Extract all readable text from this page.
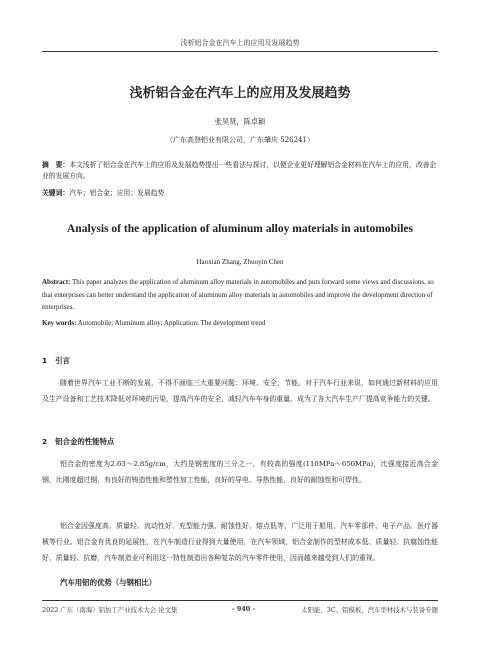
浅析铝合金在汽车上的应用及发展趋势
浅析铝合金在汽车上的应用及发展趋势
张昊贤，陈卓颖
（广东高登铝业有限公司，广东肇庆 526241）
摘　要：本文浅析了铝合金在汽车上的应用及发展趋势提出一些看法与探讨，以便企业更好理解铝合金材料在汽车上的应用，改善企业的发展方向。
关键词：汽车；铝合金；应用；发展趋势
Analysis of the application of aluminum alloy materials in automobiles
Haoxian Zhang, Zhuoyin Chen
Abstract: This paper analyzes the application of aluminum alloy materials in automobiles and puts forward some views and discussions, so that enterprises can better understand the application of aluminum alloy materials in automobiles and improve the development direction of enterprises.
Key words: Automobile; Aluminum alloy; Application; The development trend
1 引言
随着世界汽车工业不断的发展，不得不面临三大重要问题：环境、安全、节能。对于汽车行业来说，如何通过新材料的应用及生产设备和工艺技术降低对环境的污染，提高汽车的安全，减轻汽车车身的重量。成为了各大汽车生产厂提高竞争能力的关键。
2 铝合金的性能特点
铝合金的密度为2.63～2.85g/cm，大约是钢密度的三分之一，有较高的强度(110MPa～650MPa)，比强度接近高合金钢，比刚度超过钢，有良好的铸造性能和塑性加工性能，良好的导电、导热性能，良好的耐蚀性和可焊性。
铝合金因强度高、质量轻、流动性好、充型能力强、耐蚀性好、熔点低等，广泛用于船用、汽车零部件、电子产品、医疗器械等行业。铝合金有优良的延展性，在汽车制造行业得到大量使用，在汽车领域，铝合金制作的型材成本低、质量轻、抗腐蚀性能好、质量轻、抗磨，汽车制造业可利用这一特性制造出各种复杂的汽车零件使用，因而越来越受到人们的重视。
汽车用铝的优势（与钢相比）
2022 广东（南海）铝加工产业技术大会 论文集	- 940 -	太阳能、3C、铝模板、汽车型材技术与装备专题
